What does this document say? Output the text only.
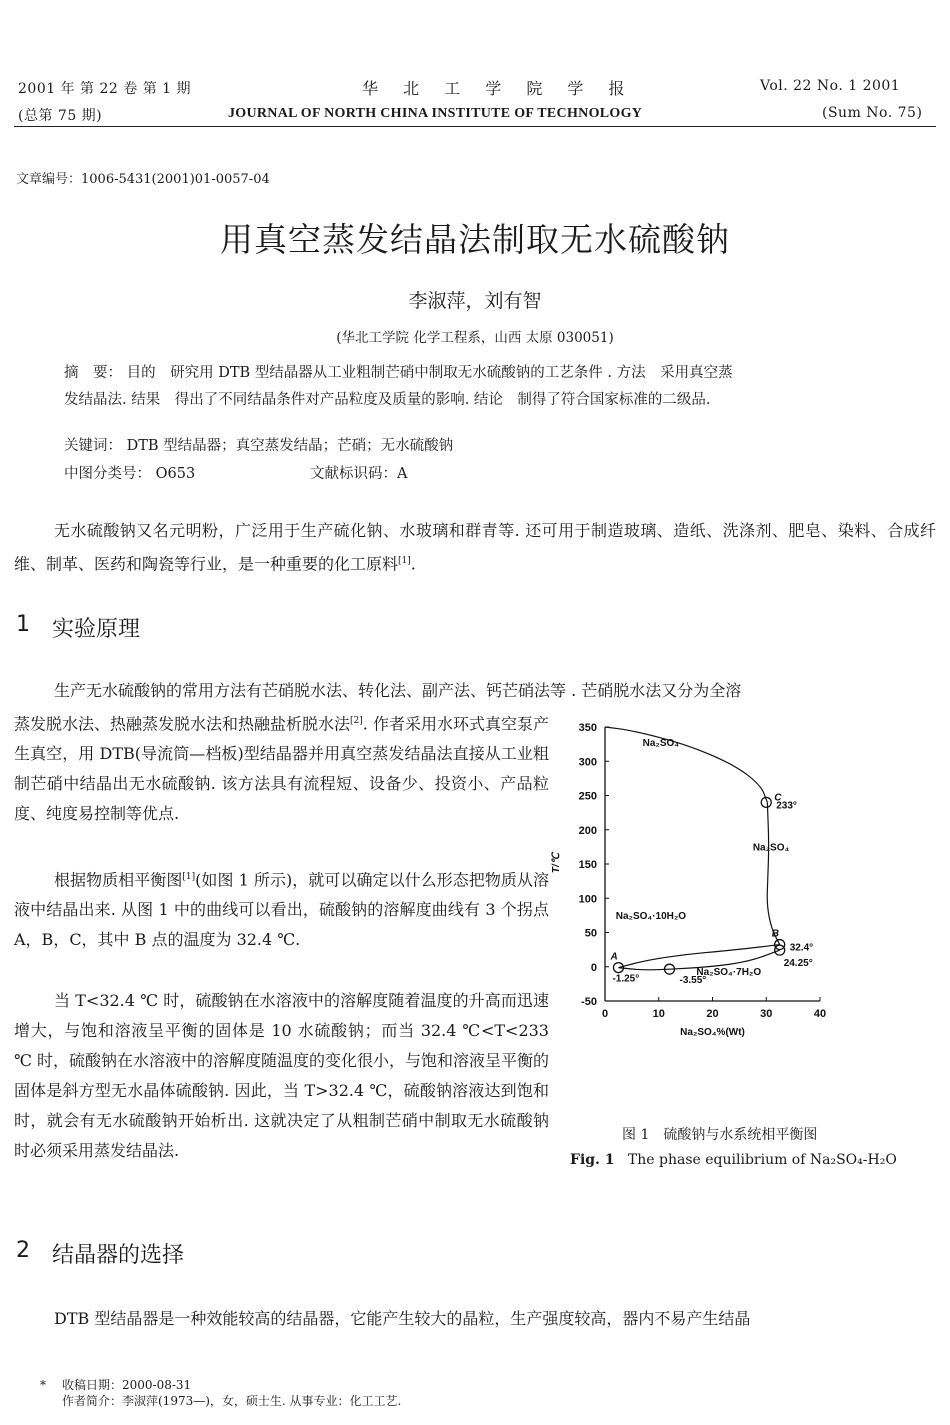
2001 年 第 22 卷 第 1 期	华 北 工 学 院 学 报	Vol. 22 No. 1 2001
(总第 75 期)	JOURNAL OF NORTH CHINA INSTITUTE OF TECHNOLOGY	(Sum No. 75)
文章编号：1006-5431(2001)01-0057-04
用真空蒸发结晶法制取无水硫酸钠
李淑萍，刘有智
(华北工学院 化学工程系，山西 太原 030051)
摘　要： 目的　研究用 DTB 型结晶器从工业粗制芒硝中制取无水硫酸钠的工艺条件 . 方法　采用真空蒸
发结晶法. 结果　得出了不同结晶条件对产品粒度及质量的影响. 结论　制得了符合国家标准的二级品.
关键词： DTB 型结晶器；真空蒸发结晶；芒硝；无水硫酸钠
中图分类号： O653	文献标识码：A
无水硫酸钠又名元明粉，广泛用于生产硫化钠、水玻璃和群青等. 还可用于制造玻璃、造纸、洗涤剂、肥皂、染料、合成纤维、制革、医药和陶瓷等行业，是一种重要的化工原料[1].
1 实验原理
生产无水硫酸钠的常用方法有芒硝脱水法、转化法、副产法、钙芒硝法等 . 芒硝脱水法又分为全溶
蒸发脱水法、热融蒸发脱水法和热融盐析脱水法[2]. 作者采用水环式真空泵产生真空，用 DTB(导流筒—档板)型结晶器并用真空蒸发结晶法直接从工业粗制芒硝中结晶出无水硫酸钠. 该方法具有流程短、设备少、投资小、产品粒度、纯度易控制等优点.
根据物质相平衡图[1](如图 1 所示)，就可以确定以什么形态把物质从溶液中结晶出来. 从图 1 中的曲线可以看出，硫酸钠的溶解度曲线有 3 个拐点 A，B，C，其中 B 点的温度为 32.4 ℃.
当 T<32.4 ℃ 时，硫酸钠在水溶液中的溶解度随着温度的升高而迅速增大，与饱和溶液呈平衡的固体是 10 水硫酸钠；而当 32.4 ℃<T<233 ℃ 时，硫酸钠在水溶液中的溶解度随温度的变化很小，与饱和溶液呈平衡的固体是斜方型无水晶体硫酸钠. 因此，当 T>32.4 ℃，硫酸钠溶液达到饱和时，就会有无水硫酸钠开始析出. 这就决定了从粗制芒硝中制取无水硫酸钠时必须采用蒸发结晶法.
-50
0
50
100
150
200
250
300
350
0	10	20	30	40
Na₂SO₄%(Wt)
T/℃
-1.25°
A
-3.55°
32.4°
B
24.25°
233°
C
Na₂SO₄
Na₂SO₄
Na₂SO₄·10H₂O
Na₂SO₄·7H₂O
图 1　硫酸钠与水系统相平衡图
Fig. 1 The phase equilibrium of Na₂SO₄-H₂O
2 结晶器的选择
DTB 型结晶器是一种效能较高的结晶器，它能产生较大的晶粒，生产强度较高，器内不易产生结晶
* 收稿日期：2000-08-31
作者简介：李淑萍(1973—)，女，硕士生. 从事专业：化工工艺.
